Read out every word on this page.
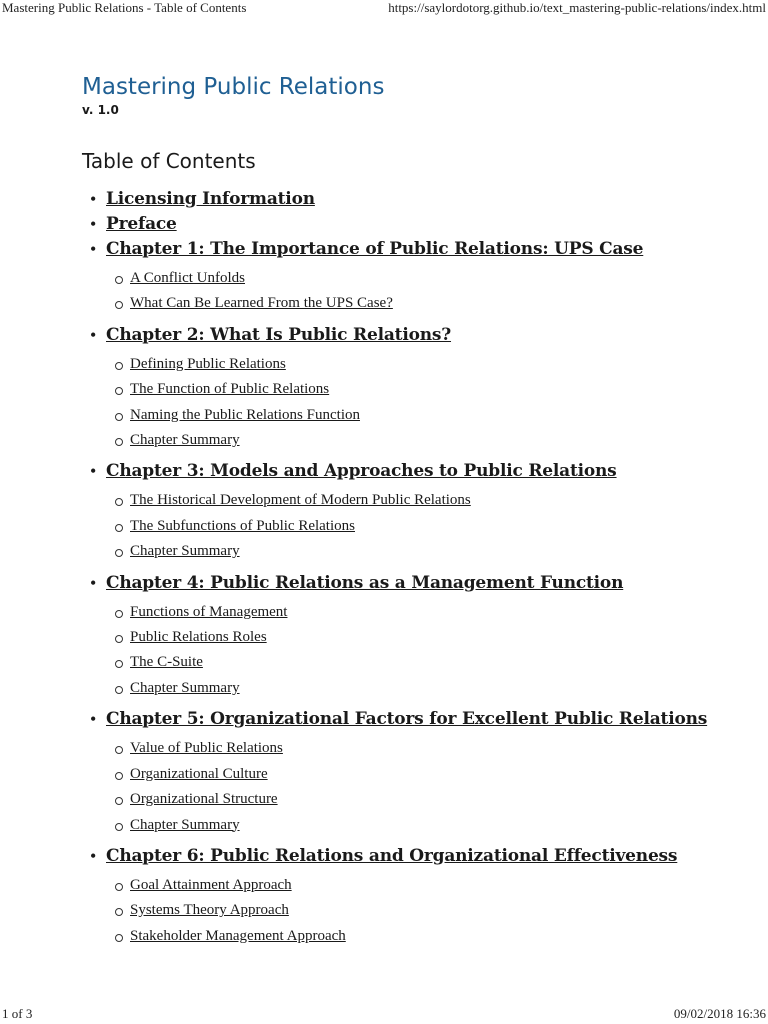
Mastering Public Relations - Table of Contents	https://saylordotorg.github.io/text_mastering-public-relations/index.html
Mastering Public Relations

v. 1.0

Table of Contents
• Licensing Information
• Preface
• Chapter 1: The Importance of Public Relations: UPS Case
A Conflict Unfolds
What Can Be Learned From the UPS Case?
• Chapter 2: What Is Public Relations?
Defining Public Relations
The Function of Public Relations
Naming the Public Relations Function
Chapter Summary
• Chapter 3: Models and Approaches to Public Relations
The Historical Development of Modern Public Relations
The Subfunctions of Public Relations
Chapter Summary
• Chapter 4: Public Relations as a Management Function
Functions of Management
Public Relations Roles
The C-Suite
Chapter Summary
• Chapter 5: Organizational Factors for Excellent Public Relations
Value of Public Relations
Organizational Culture
Organizational Structure
Chapter Summary
• Chapter 6: Public Relations and Organizational Effectiveness
Goal Attainment Approach
Systems Theory Approach
Stakeholder Management Approach
1 of 3	09/02/2018 16:36
